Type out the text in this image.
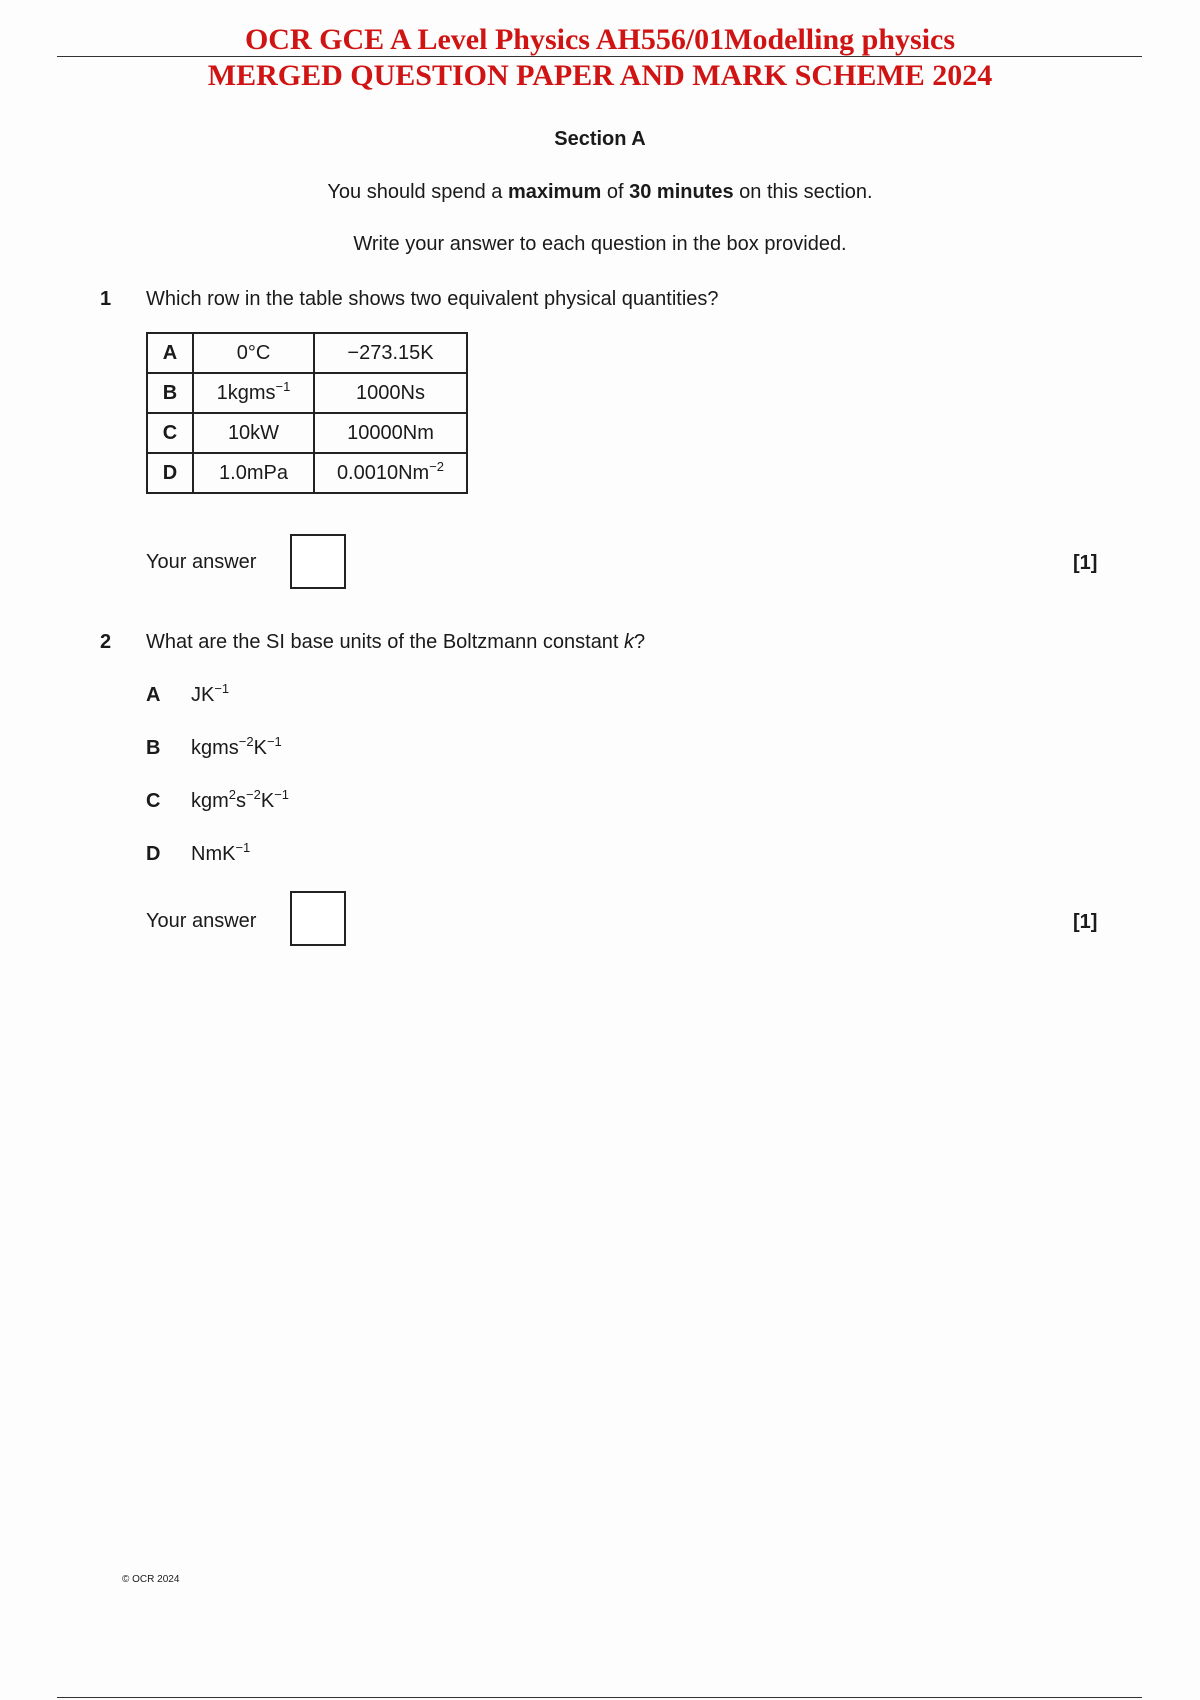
OCR GCE A Level Physics AH556/01Modelling physics
MERGED QUESTION PAPER AND MARK SCHEME 2024
Section A
You should spend a maximum of 30 minutes on this section.
Write your answer to each question in the box provided.
1 Which row in the table shows two equivalent physical quantities?
A	0°C	−273.15K
B	1kgms$^{-1}$	1000Ns
C	10kW	10000Nm
D	1.0mPa	$0.0010Nm^{-2}$
Your answer	[1]
2 What are the SI base units of the Boltzmann constant k?
A $JK^{-1}$
B $kgms^{-2}K^{-1}$
C $kgm^2s^{-2}K^{-1}$
D NmK$^{-1}$
Your answer	[1]
© OCR 2024
